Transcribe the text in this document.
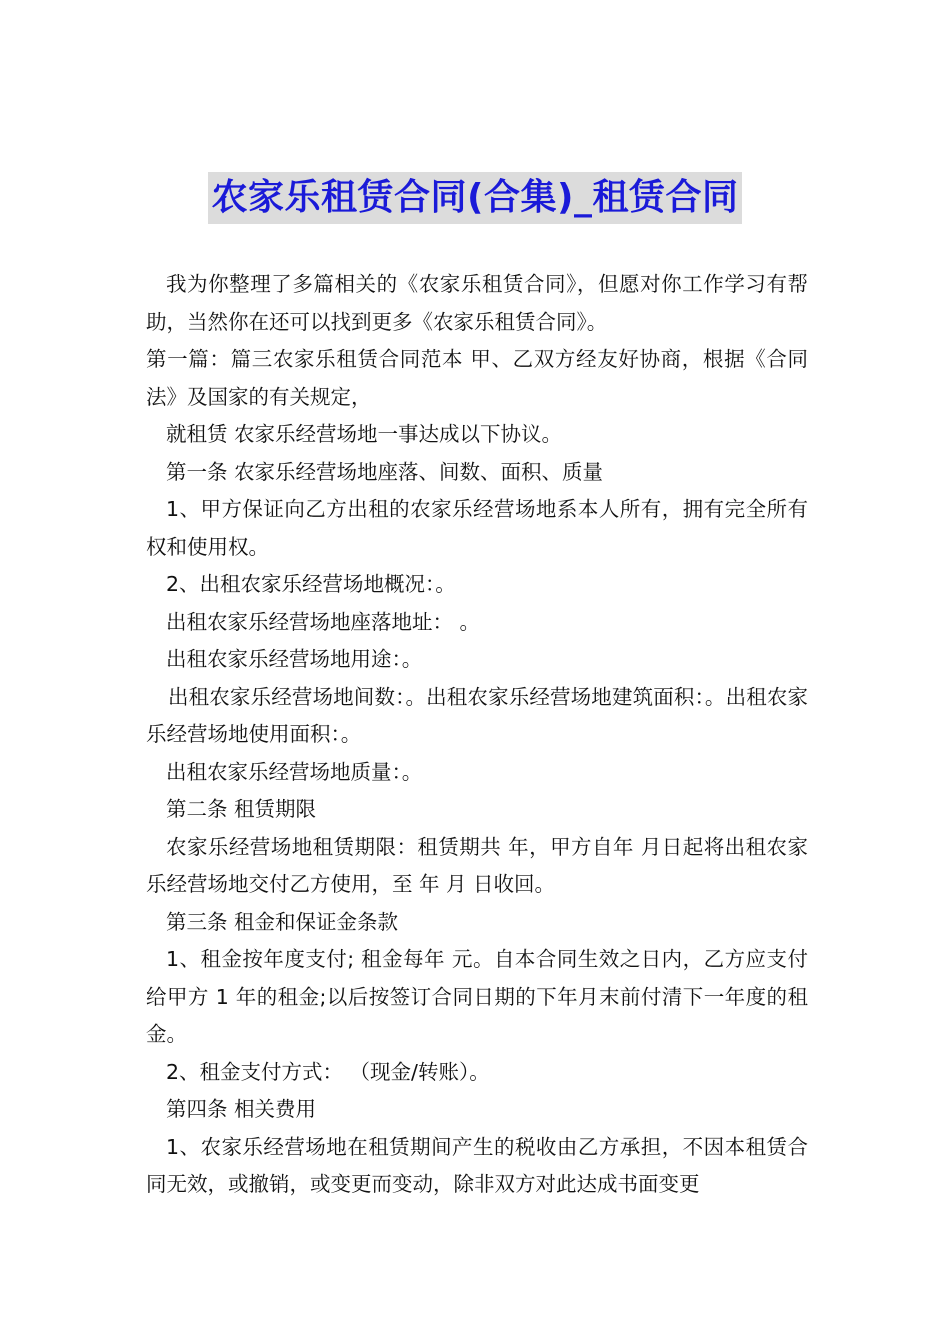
农家乐租赁合同(合集)_租赁合同

我为你整理了多篇相关的《农家乐租赁合同》，但愿对你工作学习有帮助，当然你在还可以找到更多《农家乐租赁合同》。

第一篇：篇三农家乐租赁合同范本 甲、乙双方经友好协商，根据《合同法》及国家的有关规定，

就租赁 农家乐经营场地一事达成以下协议。

第一条 农家乐经营场地座落、间数、面积、质量

1、甲方保证向乙方出租的农家乐经营场地系本人所有，拥有完全所有权和使用权。

2、出租农家乐经营场地概况：。

出租农家乐经营场地座落地址： 。

出租农家乐经营场地用途：。

出租农家乐经营场地间数：。出租农家乐经营场地建筑面积：。出租农家乐经营场地使用面积：。

出租农家乐经营场地质量：。

第二条 租赁期限

农家乐经营场地租赁期限：租赁期共 年，甲方自年 月日起将出租农家乐经营场地交付乙方使用，至 年 月 日收回。

第三条 租金和保证金条款

1、租金按年度支付; 租金每年 元。自本合同生效之日内，乙方应支付给甲方 1 年的租金;以后按签订合同日期的下年月末前付清下一年度的租金。

2、租金支付方式： （现金/转账）。

第四条 相关费用

1、农家乐经营场地在租赁期间产生的税收由乙方承担，不因本租赁合同无效，或撤销，或变更而变动，除非双方对此达成书面变更
